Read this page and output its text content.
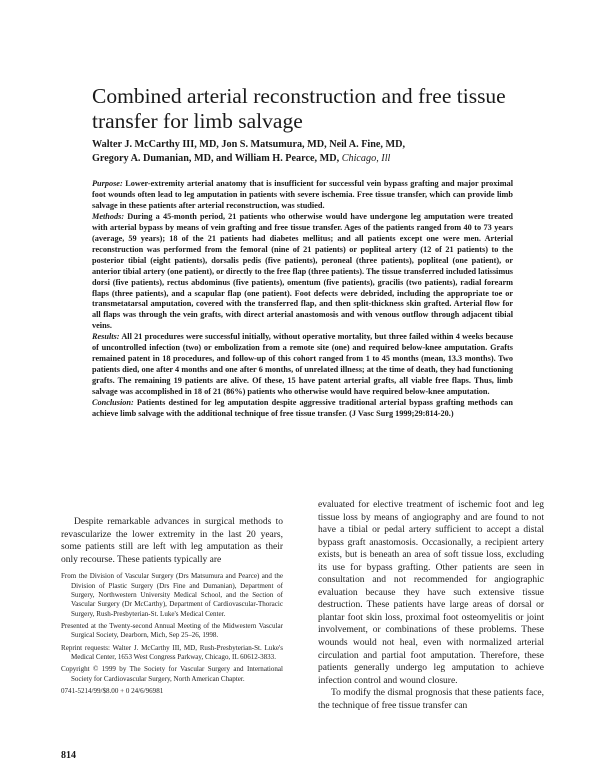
Combined arterial reconstruction and free tissue transfer for limb salvage
Walter J. McCarthy III, MD, Jon S. Matsumura, MD, Neil A. Fine, MD,
Gregory A. Dumanian, MD, and William H. Pearce, MD, Chicago, Ill

Purpose: Lower-extremity arterial anatomy that is insufficient for successful vein bypass grafting and major proximal foot wounds often lead to leg amputation in patients with severe ischemia. Free tissue transfer, which can provide limb salvage in these patients after arterial reconstruction, was studied.

Methods: During a 45-month period, 21 patients who otherwise would have undergone leg amputation were treated with arterial bypass by means of vein grafting and free tissue transfer. Ages of the patients ranged from 40 to 73 years (average, 59 years); 18 of the 21 patients had diabetes mellitus; and all patients except one were men. Arterial reconstruction was performed from the femoral (nine of 21 patients) or popliteal artery (12 of 21 patients) to the posterior tibial (eight patients), dorsalis pedis (five patients), peroneal (three patients), popliteal (one patient), or anterior tibial artery (one patient), or directly to the free flap (three patients). The tissue transferred included latissimus dorsi (five patients), rectus abdominus (five patients), omentum (five patients), gracilis (two patients), radial forearm flaps (three patients), and a scapular flap (one patient). Foot defects were debrided, including the appropriate toe or transmetatarsal amputation, covered with the transferred flap, and then split-thickness skin grafted. Arterial flow for all flaps was through the vein grafts, with direct arterial anastomosis and with venous outflow through adjacent tibial veins.

Results: All 21 procedures were successful initially, without operative mortality, but three failed within 4 weeks because of uncontrolled infection (two) or embolization from a remote site (one) and required below-knee amputation. Grafts remained patent in 18 procedures, and follow-up of this cohort ranged from 1 to 45 months (mean, 13.3 months). Two patients died, one after 4 months and one after 6 months, of unrelated illness; at the time of death, they had functioning grafts. The remaining 19 patients are alive. Of these, 15 have patent arterial grafts, all viable free flaps. Thus, limb salvage was accomplished in 18 of 21 (86%) patients who otherwise would have required below-knee amputation.

Conclusion: Patients destined for leg amputation despite aggressive traditional arterial bypass grafting methods can achieve limb salvage with the additional technique of free tissue transfer. (J Vasc Surg 1999;29:814-20.)

Despite remarkable advances in surgical methods to revascularize the lower extremity in the last 20 years, some patients still are left with leg amputation as their only recourse. These patients typically are

From the Division of Vascular Surgery (Drs Matsumura and Pearce) and the Division of Plastic Surgery (Drs Fine and Dumanian), Department of Surgery, Northwestern University Medical School, and the Section of Vascular Surgery (Dr McCarthy), Department of Cardiovascular-Thoracic Surgery, Rush-Presbyterian-St. Luke's Medical Center.

Presented at the Twenty-second Annual Meeting of the Midwestern Vascular Surgical Society, Dearborn, Mich, Sep 25–26, 1998.

Reprint requests: Walter J. McCarthy III, MD, Rush-Presbyterian-St. Luke's Medical Center, 1653 West Congress Parkway, Chicago, IL 60612-3833.

Copyright © 1999 by The Society for Vascular Surgery and International Society for Cardiovascular Surgery, North American Chapter.

0741-5214/99/$8.00 + 0 24/6/96981

evaluated for elective treatment of ischemic foot and leg tissue loss by means of angiography and are found to not have a tibial or pedal artery sufficient to accept a distal bypass graft anastomosis. Occasionally, a recipient artery exists, but is beneath an area of soft tissue loss, excluding its use for bypass grafting. Other patients are seen in consultation and not recommended for angiographic evaluation because they have such extensive tissue destruction. These patients have large areas of dorsal or plantar foot skin loss, proximal foot osteomyelitis or joint involvement, or combinations of these problems. These wounds would not heal, even with normalized arterial circulation and partial foot amputation. Therefore, these patients generally undergo leg amputation to achieve infection control and wound closure.

To modify the dismal prognosis that these patients face, the technique of free tissue transfer can

814
